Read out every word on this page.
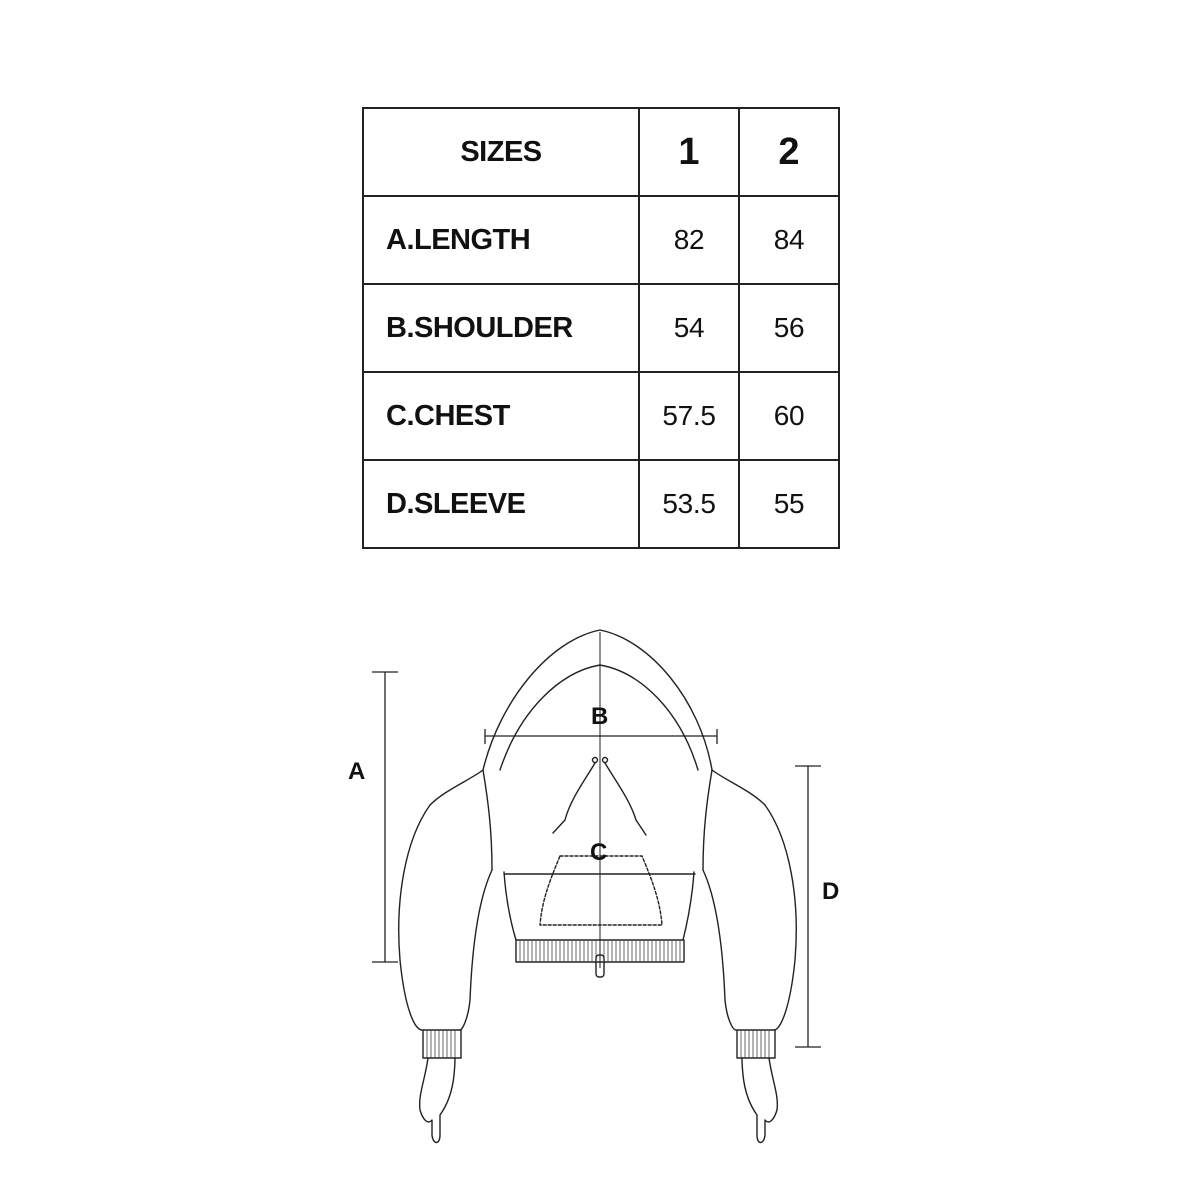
SIZES	1	2
A.LENGTH	82	84
B.SHOULDER	54	56
C.CHEST	57.5	60
D.SLEEVE	53.5	55
A
B
C
D
